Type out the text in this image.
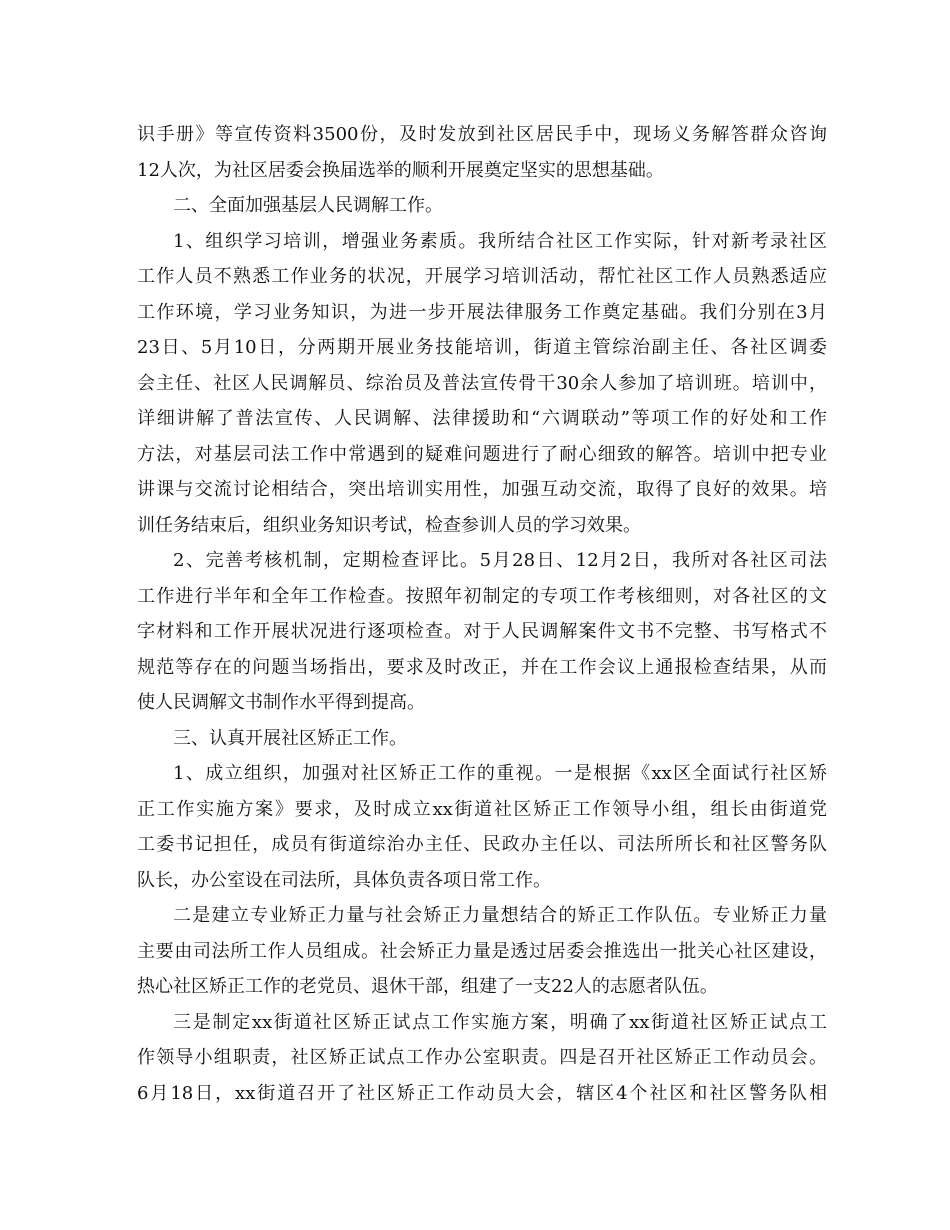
识手册》等宣传资料3500份，及时发放到社区居民手中，现场义务解答群众咨询
12人次，为社区居委会换届选举的顺利开展奠定坚实的思想基础。
二、全面加强基层人民调解工作。
1、组织学习培训，增强业务素质。我所结合社区工作实际，针对新考录社区
工作人员不熟悉工作业务的状况，开展学习培训活动，帮忙社区工作人员熟悉适应
工作环境，学习业务知识，为进一步开展法律服务工作奠定基础。我们分别在3月
23日、5月10日，分两期开展业务技能培训，街道主管综治副主任、各社区调委
会主任、社区人民调解员、综治员及普法宣传骨干30余人参加了培训班。培训中，
详细讲解了普法宣传、人民调解、法律援助和“六调联动”等项工作的好处和工作
方法，对基层司法工作中常遇到的疑难问题进行了耐心细致的解答。培训中把专业
讲课与交流讨论相结合，突出培训实用性，加强互动交流，取得了良好的效果。培
训任务结束后，组织业务知识考试，检查参训人员的学习效果。
2、完善考核机制，定期检查评比。5月28日、12月2日，我所对各社区司法
工作进行半年和全年工作检查。按照年初制定的专项工作考核细则，对各社区的文
字材料和工作开展状况进行逐项检查。对于人民调解案件文书不完整、书写格式不
规范等存在的问题当场指出，要求及时改正，并在工作会议上通报检查结果，从而
使人民调解文书制作水平得到提高。
三、认真开展社区矫正工作。
1、成立组织，加强对社区矫正工作的重视。一是根据《xx区全面试行社区矫
正工作实施方案》要求，及时成立xx街道社区矫正工作领导小组，组长由街道党
工委书记担任，成员有街道综治办主任、民政办主任以、司法所所长和社区警务队
队长，办公室设在司法所，具体负责各项日常工作。
二是建立专业矫正力量与社会矫正力量想结合的矫正工作队伍。专业矫正力量
主要由司法所工作人员组成。社会矫正力量是透过居委会推选出一批关心社区建设，
热心社区矫正工作的老党员、退休干部，组建了一支22人的志愿者队伍。
三是制定xx街道社区矫正试点工作实施方案，明确了xx街道社区矫正试点工
作领导小组职责，社区矫正试点工作办公室职责。四是召开社区矫正工作动员会。
6月18日，xx街道召开了社区矫正工作动员大会，辖区4个社区和社区警务队相
